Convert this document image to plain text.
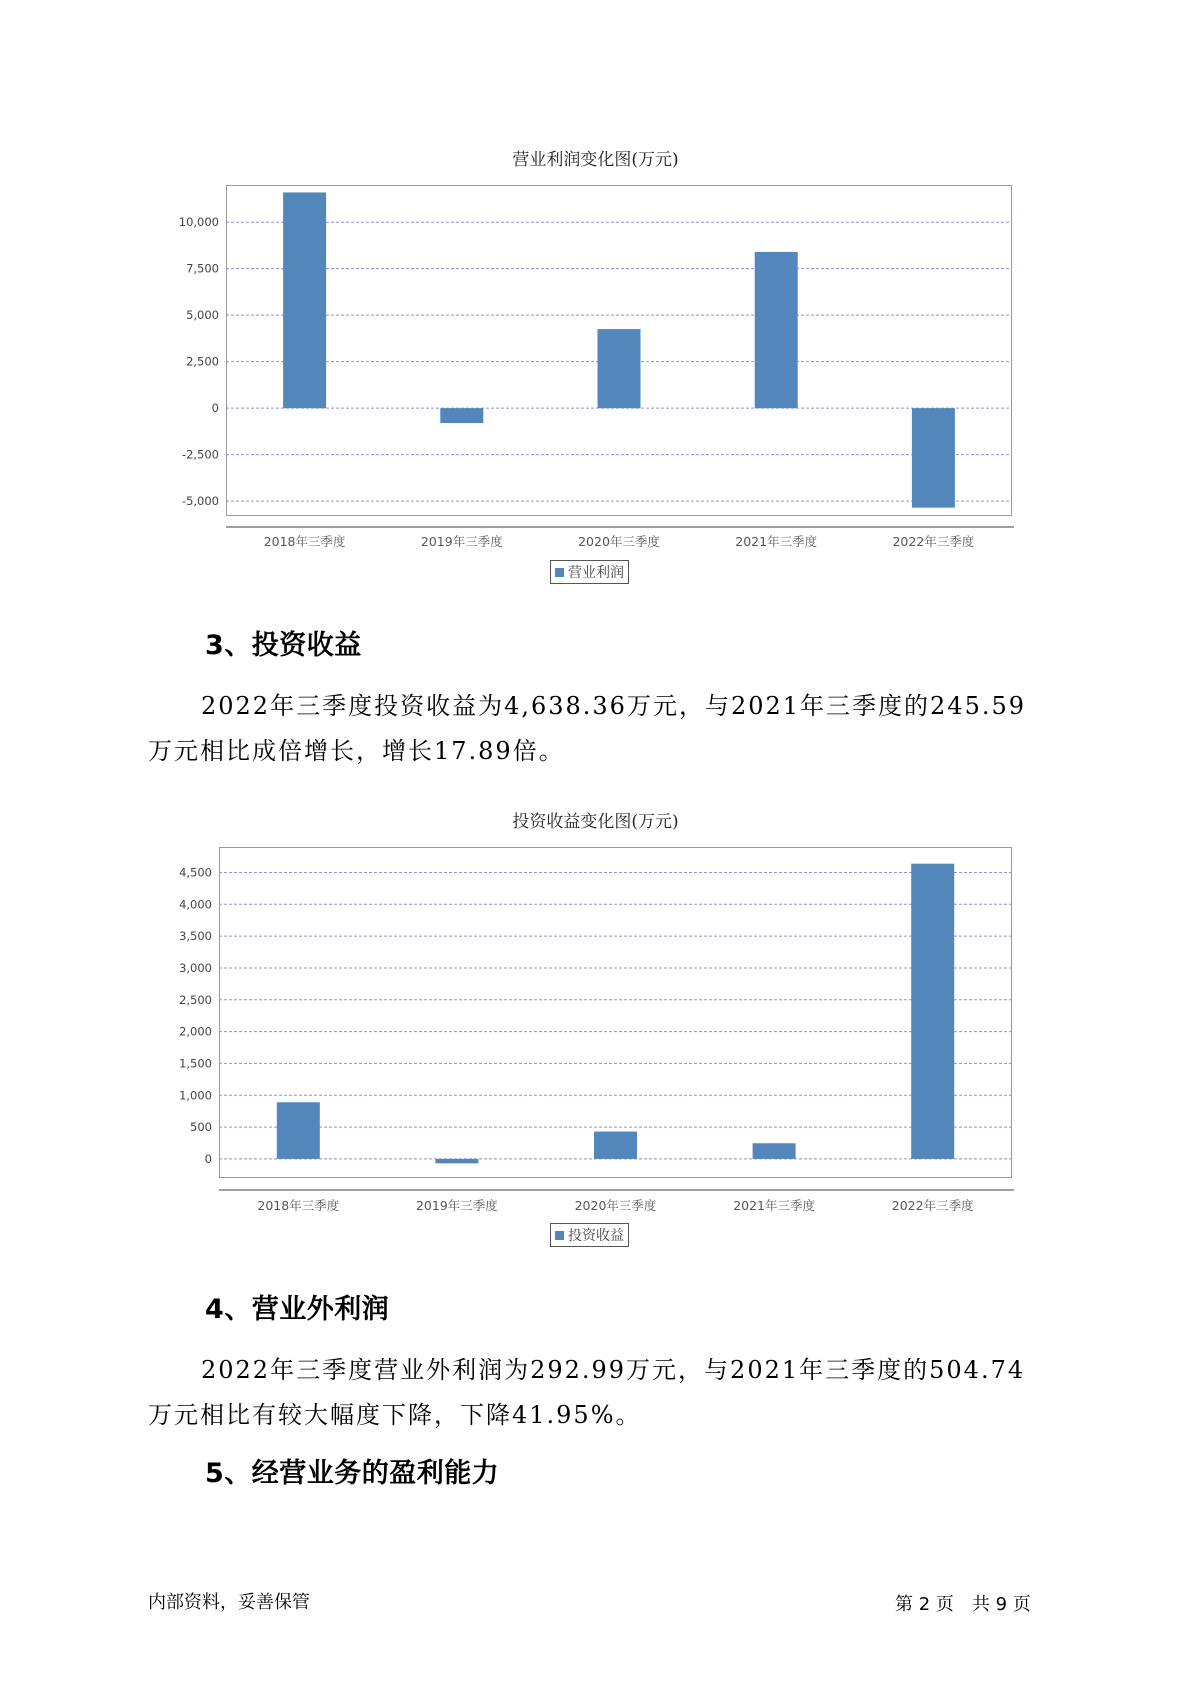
营业利润变化图(万元)
10,000
7,500
5,000
2,500
0
-2,500
-5,000
2018年三季度	2019年三季度	2020年三季度	2021年三季度	2022年三季度
营业利润
3、投资收益
2022年三季度投资收益为4,638.36万元，与2021年三季度的245.59万元相比成倍增长，增长17.89倍。
投资收益变化图(万元)
4,500
4,000
3,500
3,000
2,500
2,000
1,500
1,000
500
0
2018年三季度	2019年三季度	2020年三季度	2021年三季度	2022年三季度
投资收益
4、营业外利润
2022年三季度营业外利润为292.99万元，与2021年三季度的504.74万元相比有较大幅度下降，下降41.95%。
5、经营业务的盈利能力
内部资料，妥善保管	第 2 页　共 9 页
